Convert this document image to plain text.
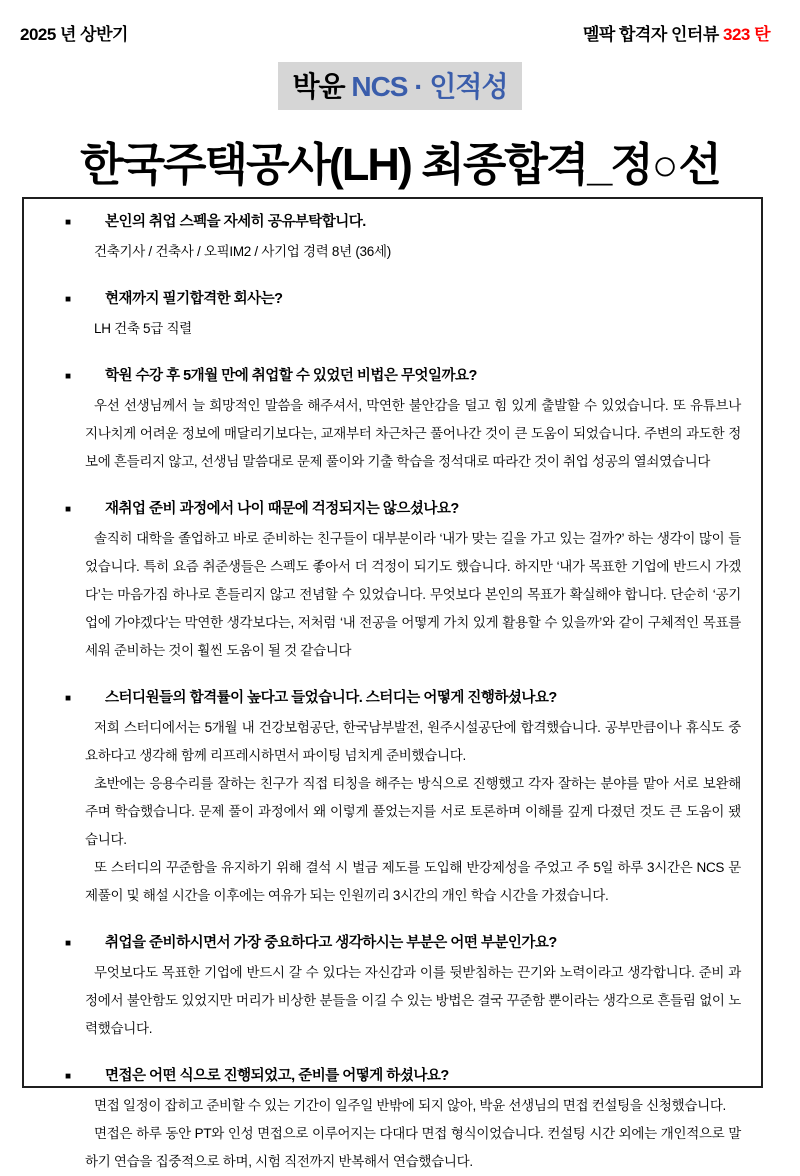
2025 년 상반기	멜팍 합격자 인터뷰 323 탄
박윤 NCS · 인적성
한국주택공사(LH) 최종합격_정○선
■	본인의 취업 스펙을 자세히 공유부탁합니다.

건축기사 / 건축사 / 오픽IM2 / 사기업 경력 8년 (36세)

■	현재까지 필기합격한 회사는?

LH 건축 5급 직렬

■	학원 수강 후 5개월 만에 취업할 수 있었던 비법은 무엇일까요?

우선 선생님께서 늘 희망적인 말씀을 해주셔서, 막연한 불안감을 덜고 힘 있게 출발할 수 있었습니다. 또 유튜브나 지나치게 어려운 정보에 매달리기보다는, 교재부터 차근차근 풀어나간 것이 큰 도움이 되었습니다. 주변의 과도한 정보에 흔들리지 않고, 선생님 말씀대로 문제 풀이와 기출 학습을 정석대로 따라간 것이 취업 성공의 열쇠였습니다

■	재취업 준비 과정에서 나이 때문에 걱정되지는 않으셨나요?

솔직히 대학을 졸업하고 바로 준비하는 친구들이 대부분이라 ‘내가 맞는 길을 가고 있는 걸까?’ 하는 생각이 많이 들었습니다. 특히 요즘 취준생들은 스펙도 좋아서 더 걱정이 되기도 했습니다. 하지만 ‘내가 목표한 기업에 반드시 가겠다’는 마음가짐 하나로 흔들리지 않고 전념할 수 있었습니다. 무엇보다 본인의 목표가 확실해야 합니다. 단순히 ‘공기업에 가야겠다’는 막연한 생각보다는, 저처럼 ‘내 전공을 어떻게 가치 있게 활용할 수 있을까’와 같이 구체적인 목표를 세워 준비하는 것이 훨씬 도움이 될 것 같습니다

■	스터디원들의 합격률이 높다고 들었습니다. 스터디는 어떻게 진행하셨나요?

저희 스터디에서는 5개월 내 건강보험공단, 한국남부발전, 원주시설공단에 합격했습니다. 공부만큼이나 휴식도 중요하다고 생각해 함께 리프레시하면서 파이팅 넘치게 준비했습니다.

초반에는 응용수리를 잘하는 친구가 직접 티칭을 해주는 방식으로 진행했고 각자 잘하는 분야를 맡아 서로 보완해주며 학습했습니다. 문제 풀이 과정에서 왜 이렇게 풀었는지를 서로 토론하며 이해를 깊게 다졌던 것도 큰 도움이 됐습니다.

또 스터디의 꾸준함을 유지하기 위해 결석 시 벌금 제도를 도입해 반강제성을 주었고 주 5일 하루 3시간은 NCS 문제풀이 및 해설 시간을 이후에는 여유가 되는 인원끼리 3시간의 개인 학습 시간을 가졌습니다.

■	취업을 준비하시면서 가장 중요하다고 생각하시는 부분은 어떤 부분인가요?

무엇보다도 목표한 기업에 반드시 갈 수 있다는 자신감과 이를 뒷받침하는 끈기와 노력이라고 생각합니다. 준비 과정에서 불안함도 있었지만 머리가 비상한 분들을 이길 수 있는 방법은 결국 꾸준함 뿐이라는 생각으로 흔들림 없이 노력했습니다.

■	면접은 어떤 식으로 진행되었고, 준비를 어떻게 하셨나요?

면접 일정이 잡히고 준비할 수 있는 기간이 일주일 반밖에 되지 않아, 박윤 선생님의 면접 컨설팅을 신청했습니다.

면접은 하루 동안 PT와 인성 면접으로 이루어지는 다대다 면접 형식이었습니다. 컨설팅 시간 외에는 개인적으로 말하기 연습을 집중적으로 하며, 시험 직전까지 반복해서 연습했습니다.
